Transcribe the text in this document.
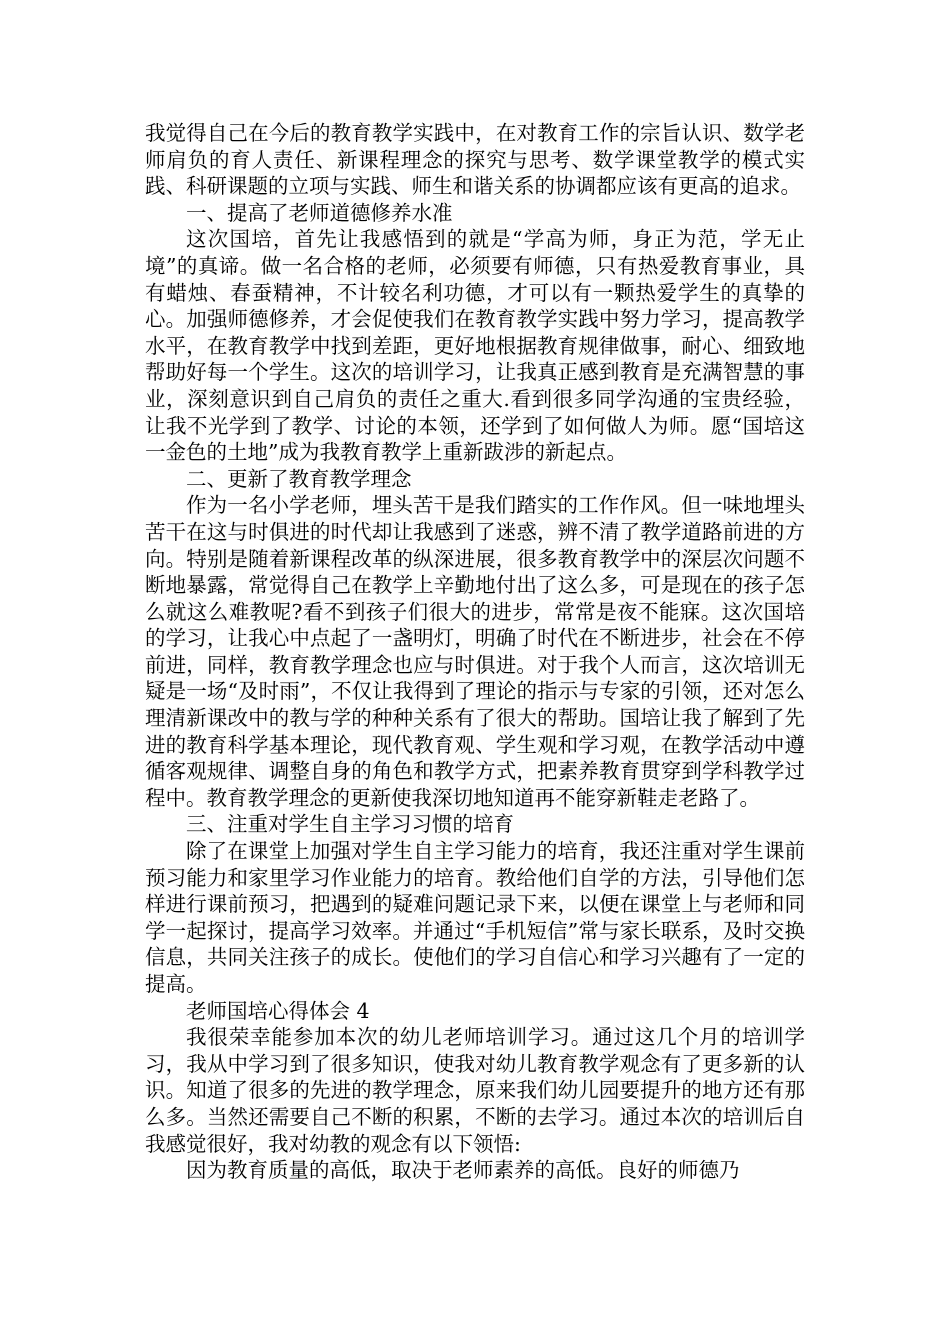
我觉得自己在今后的教育教学实践中，在对教育工作的宗旨认识、数学老师肩负的育人责任、新课程理念的探究与思考、数学课堂教学的模式实践、科研课题的立项与实践、师生和谐关系的协调都应该有更高的追求。

一、提高了老师道德修养水准

这次国培，首先让我感悟到的就是“学高为师，身正为范，学无止境”的真谛。做一名合格的老师，必须要有师德，只有热爱教育事业，具有蜡烛、春蚕精神，不计较名利功德，才可以有一颗热爱学生的真挚的心。加强师德修养，才会促使我们在教育教学实践中努力学习，提高教学水平，在教育教学中找到差距，更好地根据教育规律做事，耐心、细致地帮助好每一个学生。这次的培训学习，让我真正感到教育是充满智慧的事业，深刻意识到自己肩负的责任之重大.看到很多同学沟通的宝贵经验，让我不光学到了教学、讨论的本领，还学到了如何做人为师。愿“国培这一金色的土地”成为我教育教学上重新跋涉的新起点。

二、更新了教育教学理念

作为一名小学老师，埋头苦干是我们踏实的工作作风。但一味地埋头苦干在这与时俱进的时代却让我感到了迷惑，辨不清了教学道路前进的方向。特别是随着新课程改革的纵深进展，很多教育教学中的深层次问题不断地暴露，常觉得自己在教学上辛勤地付出了这么多，可是现在的孩子怎么就这么难教呢?看不到孩子们很大的进步，常常是夜不能寐。这次国培的学习，让我心中点起了一盏明灯，明确了时代在不断进步，社会在不停前进，同样，教育教学理念也应与时俱进。对于我个人而言，这次培训无疑是一场“及时雨”，不仅让我得到了理论的指示与专家的引领，还对怎么理清新课改中的教与学的种种关系有了很大的帮助。国培让我了解到了先进的教育科学基本理论，现代教育观、学生观和学习观，在教学活动中遵循客观规律、调整自身的角色和教学方式，把素养教育贯穿到学科教学过程中。教育教学理念的更新使我深切地知道再不能穿新鞋走老路了。

三、注重对学生自主学习习惯的培育

除了在课堂上加强对学生自主学习能力的培育，我还注重对学生课前预习能力和家里学习作业能力的培育。教给他们自学的方法，引导他们怎样进行课前预习，把遇到的疑难问题记录下来，以便在课堂上与老师和同学一起探讨，提高学习效率。并通过“手机短信”常与家长联系，及时交换信息，共同关注孩子的成长。使他们的学习自信心和学习兴趣有了一定的提高。

老师国培心得体会 4

我很荣幸能参加本次的幼儿老师培训学习。通过这几个月的培训学习，我从中学习到了很多知识，使我对幼儿教育教学观念有了更多新的认识。知道了很多的先进的教学理念，原来我们幼儿园要提升的地方还有那么多。当然还需要自己不断的积累，不断的去学习。通过本次的培训后自我感觉很好，我对幼教的观念有以下领悟:

因为教育质量的高低，取决于老师素养的高低。良好的师德乃
